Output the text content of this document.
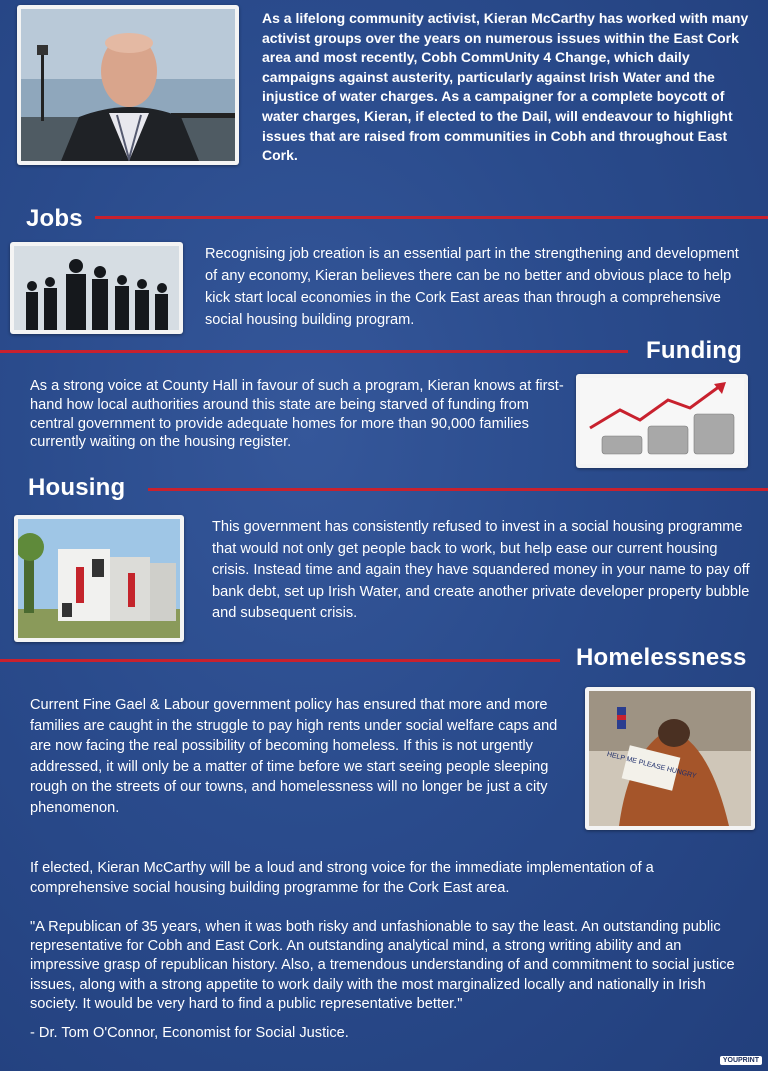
As a lifelong community activist, Kieran McCarthy has worked with many activist groups over the years on numerous issues within the East Cork area and most recently, Cobh CommUnity 4 Change, which daily campaigns against austerity, particularly against Irish Water and the injustice of water charges. As a campaigner for a complete boycott of water charges, Kieran, if elected to the Dail, will endeavour to highlight issues that are raised from communities in Cobh and throughout East Cork.
Jobs
Recognising job creation is an essential part in the strengthening and development of any economy, Kieran believes there can be no better and obvious place to help kick start local economies in the Cork East areas than through a comprehensive social housing building program.
Funding
As a strong voice at County Hall in favour of such a program, Kieran knows at first-hand how local authorities around this state are being starved of funding from central government to provide adequate homes for more than 90,000 families currently waiting on the housing register.
Housing
This government has consistently refused to invest in a social housing programme that would not only get people back to work, but help ease our current housing crisis. Instead time and again they have squandered money in your name to pay off bank debt, set up Irish Water, and create another private developer property bubble and subsequent crisis.
Homelessness
Current Fine Gael & Labour government policy has ensured that more and more families are caught in the struggle to pay high rents under social welfare caps and are now facing the real possibility of becoming homeless. If this is not urgently addressed, it will only be a matter of time before we start seeing people sleeping rough on the streets of our towns, and homelessness will no longer be just a city phenomenon.
HELP ME PLEASE HUNGRY
If elected, Kieran McCarthy will be a loud and strong voice for the immediate implementation of a comprehensive social housing building programme for the Cork East area.
"A Republican of 35 years, when it was both risky and unfashionable to say the least. An outstanding public representative for Cobh and East Cork. An outstanding analytical mind, a strong writing ability and an impressive grasp of republican history. Also, a tremendous understanding of and commitment to social justice issues, along with a strong appetite to work daily with the most marginalized locally and nationally in Irish society. It would be very hard to find a public representative better."
- Dr. Tom O'Connor, Economist for Social Justice.
YOUPRINT
